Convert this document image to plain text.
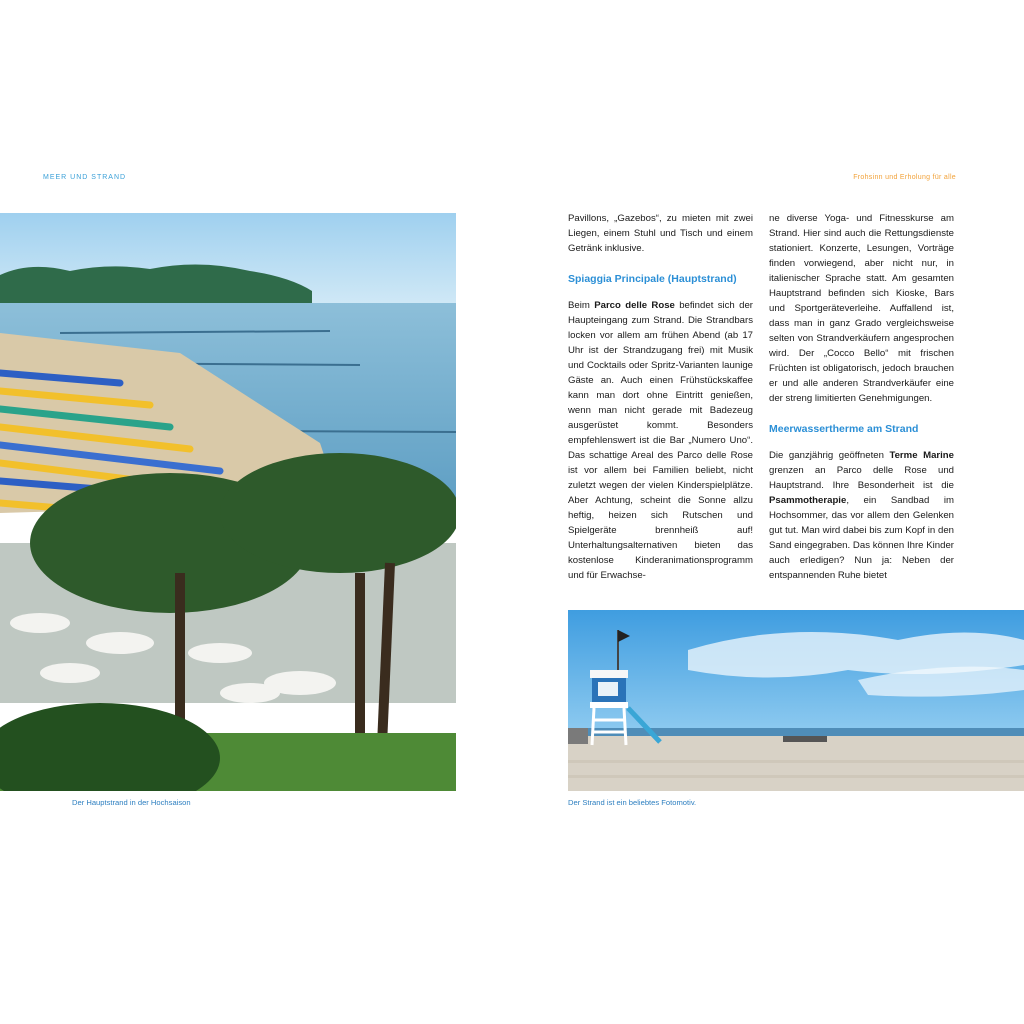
MEER UND STRAND	Frohsinn und Erholung für alle
Der Hauptstrand in der Hochsaison	Der Strand ist ein beliebtes Fotomotiv.

Pavillons, „Gazebos“, zu mieten mit zwei Liegen, einem Stuhl und Tisch und einem Getränk inklusive.

Spiaggia Principale (Hauptstrand)

Beim Parco delle Rose befindet sich der Haupteingang zum Strand. Die Strandbars locken vor allem am frühen Abend (ab 17 Uhr ist der Strandzugang frei) mit Musik und Cocktails oder Spritz-Varianten launige Gäste an. Auch einen Frühstückskaffee kann man dort ohne Eintritt genießen, wenn man nicht gerade mit Badezeug ausgerüstet kommt. Besonders empfehlenswert ist die Bar „Numero Uno“. Das schattige Areal des Parco delle Rose ist vor allem bei Familien beliebt, nicht zuletzt wegen der vielen Kinderspielplätze. Aber Achtung, scheint die Sonne allzu heftig, heizen sich Rutschen und Spielgeräte brennheiß auf! Unterhaltungsalternativen bieten das kostenlose Kinderanimationsprogramm und für Erwachse-

ne diverse Yoga- und Fitnesskurse am Strand. Hier sind auch die Rettungsdienste stationiert. Konzerte, Lesungen, Vorträge finden vorwiegend, aber nicht nur, in italienischer Sprache statt. Am gesamten Hauptstrand befinden sich Kioske, Bars und Sportgeräteverleihe. Auffallend ist, dass man in ganz Grado vergleichsweise selten von Strandverkäufern angesprochen wird. Der „Cocco Bello“ mit frischen Früchten ist obligatorisch, jedoch brauchen er und alle anderen Strandverkäufer eine der streng limitierten Genehmigungen.

Meerwassertherme am Strand

Die ganzjährig geöffneten Terme Marine grenzen an Parco delle Rose und Hauptstrand. Ihre Besonderheit ist die Psammotherapie, ein Sandbad im Hochsommer, das vor allem den Gelenken gut tut. Man wird dabei bis zum Kopf in den Sand eingegraben. Das können Ihre Kinder auch erledigen? Nun ja: Neben der entspannenden Ruhe bietet
